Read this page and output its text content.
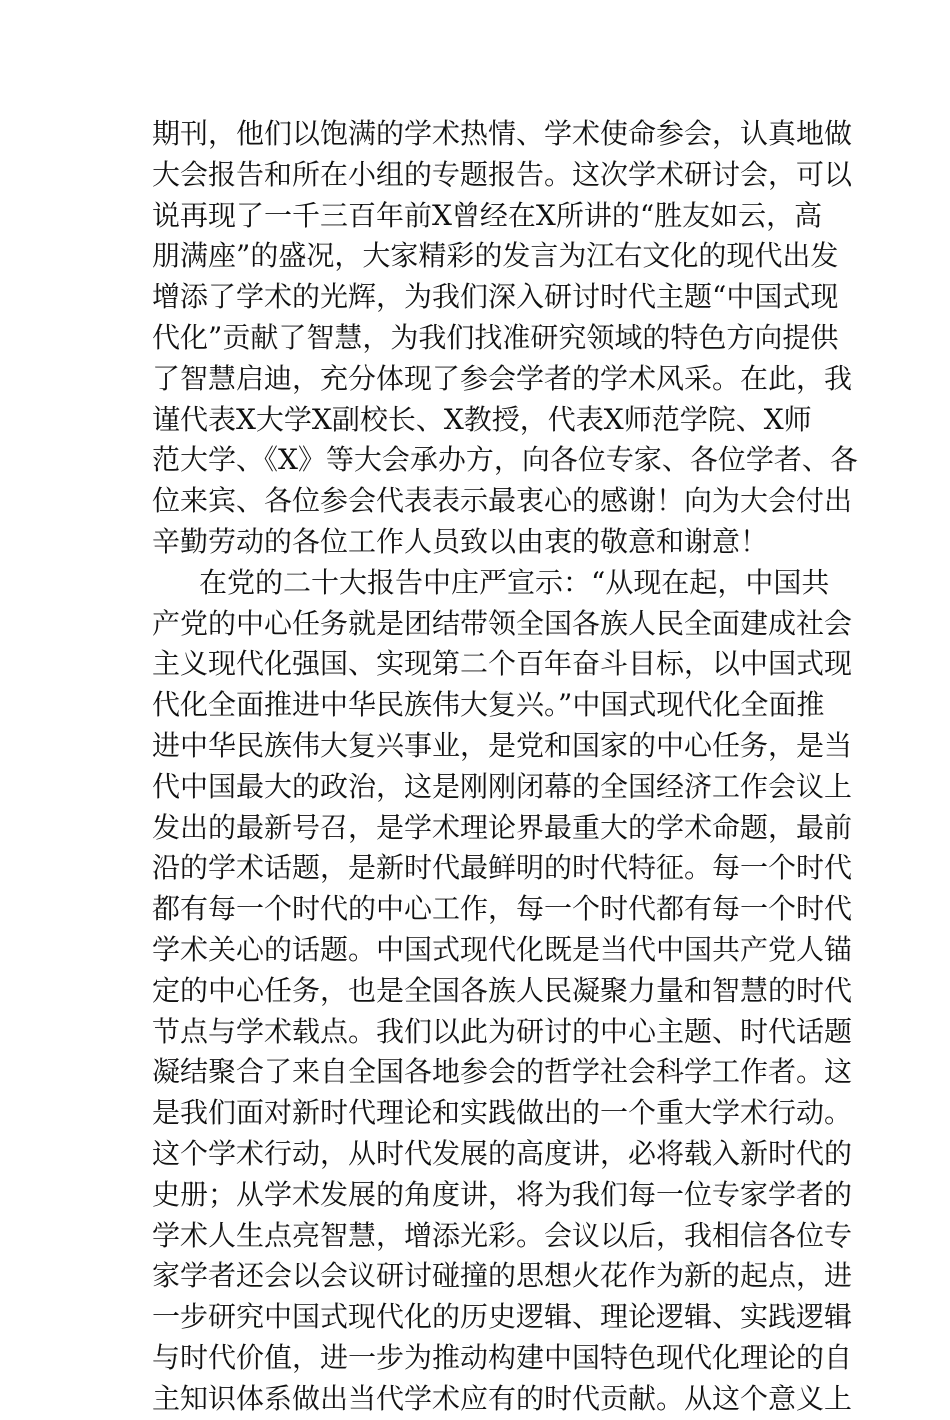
期刊，他们以饱满的学术热情、学术使命参会，认真地做
大会报告和所在小组的专题报告。这次学术研讨会，可以
说再现了一千三百年前X曾经在X所讲的“胜友如云，高
朋满座”的盛况，大家精彩的发言为江右文化的现代出发
增添了学术的光辉，为我们深入研讨时代主题“中国式现
代化”贡献了智慧，为我们找准研究领域的特色方向提供
了智慧启迪，充分体现了参会学者的学术风采。在此，我
谨代表X大学X副校长、X教授，代表X师范学院、X师
范大学、《X》等大会承办方，向各位专家、各位学者、各
位来宾、各位参会代表表示最衷心的感谢！向为大会付出
辛勤劳动的各位工作人员致以由衷的敬意和谢意！
在党的二十大报告中庄严宣示：“从现在起，中国共
产党的中心任务就是团结带领全国各族人民全面建成社会
主义现代化强国、实现第二个百年奋斗目标，以中国式现
代化全面推进中华民族伟大复兴。”中国式现代化全面推
进中华民族伟大复兴事业，是党和国家的中心任务，是当
代中国最大的政治，这是刚刚闭幕的全国经济工作会议上
发出的最新号召，是学术理论界最重大的学术命题，最前
沿的学术话题，是新时代最鲜明的时代特征。每一个时代
都有每一个时代的中心工作，每一个时代都有每一个时代
学术关心的话题。中国式现代化既是当代中国共产党人锚
定的中心任务，也是全国各族人民凝聚力量和智慧的时代
节点与学术载点。我们以此为研讨的中心主题、时代话题
凝结聚合了来自全国各地参会的哲学社会科学工作者。这
是我们面对新时代理论和实践做出的一个重大学术行动。
这个学术行动，从时代发展的高度讲，必将载入新时代的
史册；从学术发展的角度讲，将为我们每一位专家学者的
学术人生点亮智慧，增添光彩。会议以后，我相信各位专
家学者还会以会议研讨碰撞的思想火花作为新的起点，进
一步研究中国式现代化的历史逻辑、理论逻辑、实践逻辑
与时代价值，进一步为推动构建中国特色现代化理论的自
主知识体系做出当代学术应有的时代贡献。从这个意义上
